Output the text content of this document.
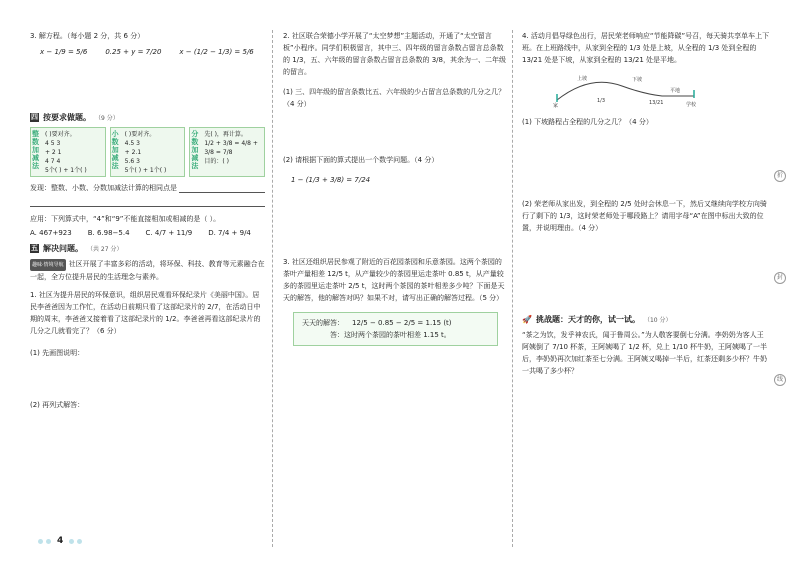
3. 解方程。（每小题 2 分，共 6 分）

x − 1/9 = 5/6	0.25 + y = 7/20	x − (1/2 − 1/3) = 5/6
四 按要求做题。 （9 分）
整数加减法
( )要对齐。
4 5 3
+ 2 1
4 7 4
5个( ) + 1个( )
小数加减法
( )要对齐。
4.5 3
+ 2.1
5.6 3
5个( ) + 1个( )
分数加减法
先( )，再计算。
1/2 + 3/8 = 4/8 + 3/8 = 7/8
目的：( )
发现：整数、小数、分数加减法计算的相同点是

应用：下列算式中，“4”和“9”不能直接相加或相减的是（ ）。

A. 467+923 B. 6.98−5.4 C. 4/7 + 11/9 D. 7/4 + 9/4
五 解决问题。 （共 27 分）

趣味·情境导航 社区开展了丰富多彩的活动，将环保、科技、教育等元素融合在一起，全方位提升居民的生活理念与素养。

1. 社区为提升居民的环保意识，组织居民观看环保纪录片《美丽中国》。居民李爸爸因为工作忙，在活动日前期只看了这部纪录片的 2/7，在活动日中期的周末，李爸爸又接着看了这部纪录片的 1/2。李爸爸再看这部纪录片的几分之几就看完了？（6 分）

(1) 先画图说明：

(2) 再列式解答：

2. 社区联合荣德小学开展了“太空梦想”主题活动，开通了“太空留言板”小程序。同学们积极留言，其中三、四年级的留言条数占留言总条数的 1/3，五、六年级的留言条数占留言总条数的 3/8，其余为一、二年级的留言。

(1) 三、四年级的留言条数比五、六年级的少占留言总条数的几分之几？（4 分）

(2) 请根据下面的算式提出一个数学问题。（4 分）

1 − (1/3 + 3/8) = 7/24

3. 社区还组织居民参观了附近的百花园茶园和乐意茶园。这两个茶园的茶叶产量相差 12/5 t，从产量较少的茶园里运走茶叶 0.85 t，从产量较多的茶园里运走茶叶 2/5 t，这时两个茶园的茶叶相差多少吨？下面是天天的解答，他的解答对吗？如果不对，请写出正确的解答过程。（5 分）

天天的解答： 12/5 − 0.85 − 2/5 = 1.15 (t)

答：这时两个茶园的茶叶相差 1.15 t。

4. 活动月倡导绿色出行，居民荣老师响应“节能降碳”号召，每天骑共享单车上下班。在上班路线中，从家到全程的 1/3 处是上坡，从全程的 1/3 处到全程的 13/21 处是下坡，从家到全程的 13/21 处是平地。

上坡	下坡
平地
家
1/3	13/21	学校

(1) 下坡路程占全程的几分之几？（4 分）

(2) 荣老师从家出发，到全程的 2/5 处时会休息一下，然后又继续向学校方向骑行了剩下的 1/3，这时荣老师处于哪段路上？请用字母“A”在图中标出大致的位置，并说明理由。（4 分）

🚀 挑战题：天才的你，试一试。 （10 分）

“茶之为饮，发乎神农氏，闻于鲁周公。”为人敬客要倒七分满。李奶奶为客人王阿姨倒了 7/10 杯茶，王阿姨喝了 1/2 杯，兑上 1/10 杯牛奶，王阿姨喝了一半后，李奶奶再次加红茶至七分满。王阿姨又喝掉一半后，红茶还剩多少杯？牛奶一共喝了多少杯？

折
封
线
4
